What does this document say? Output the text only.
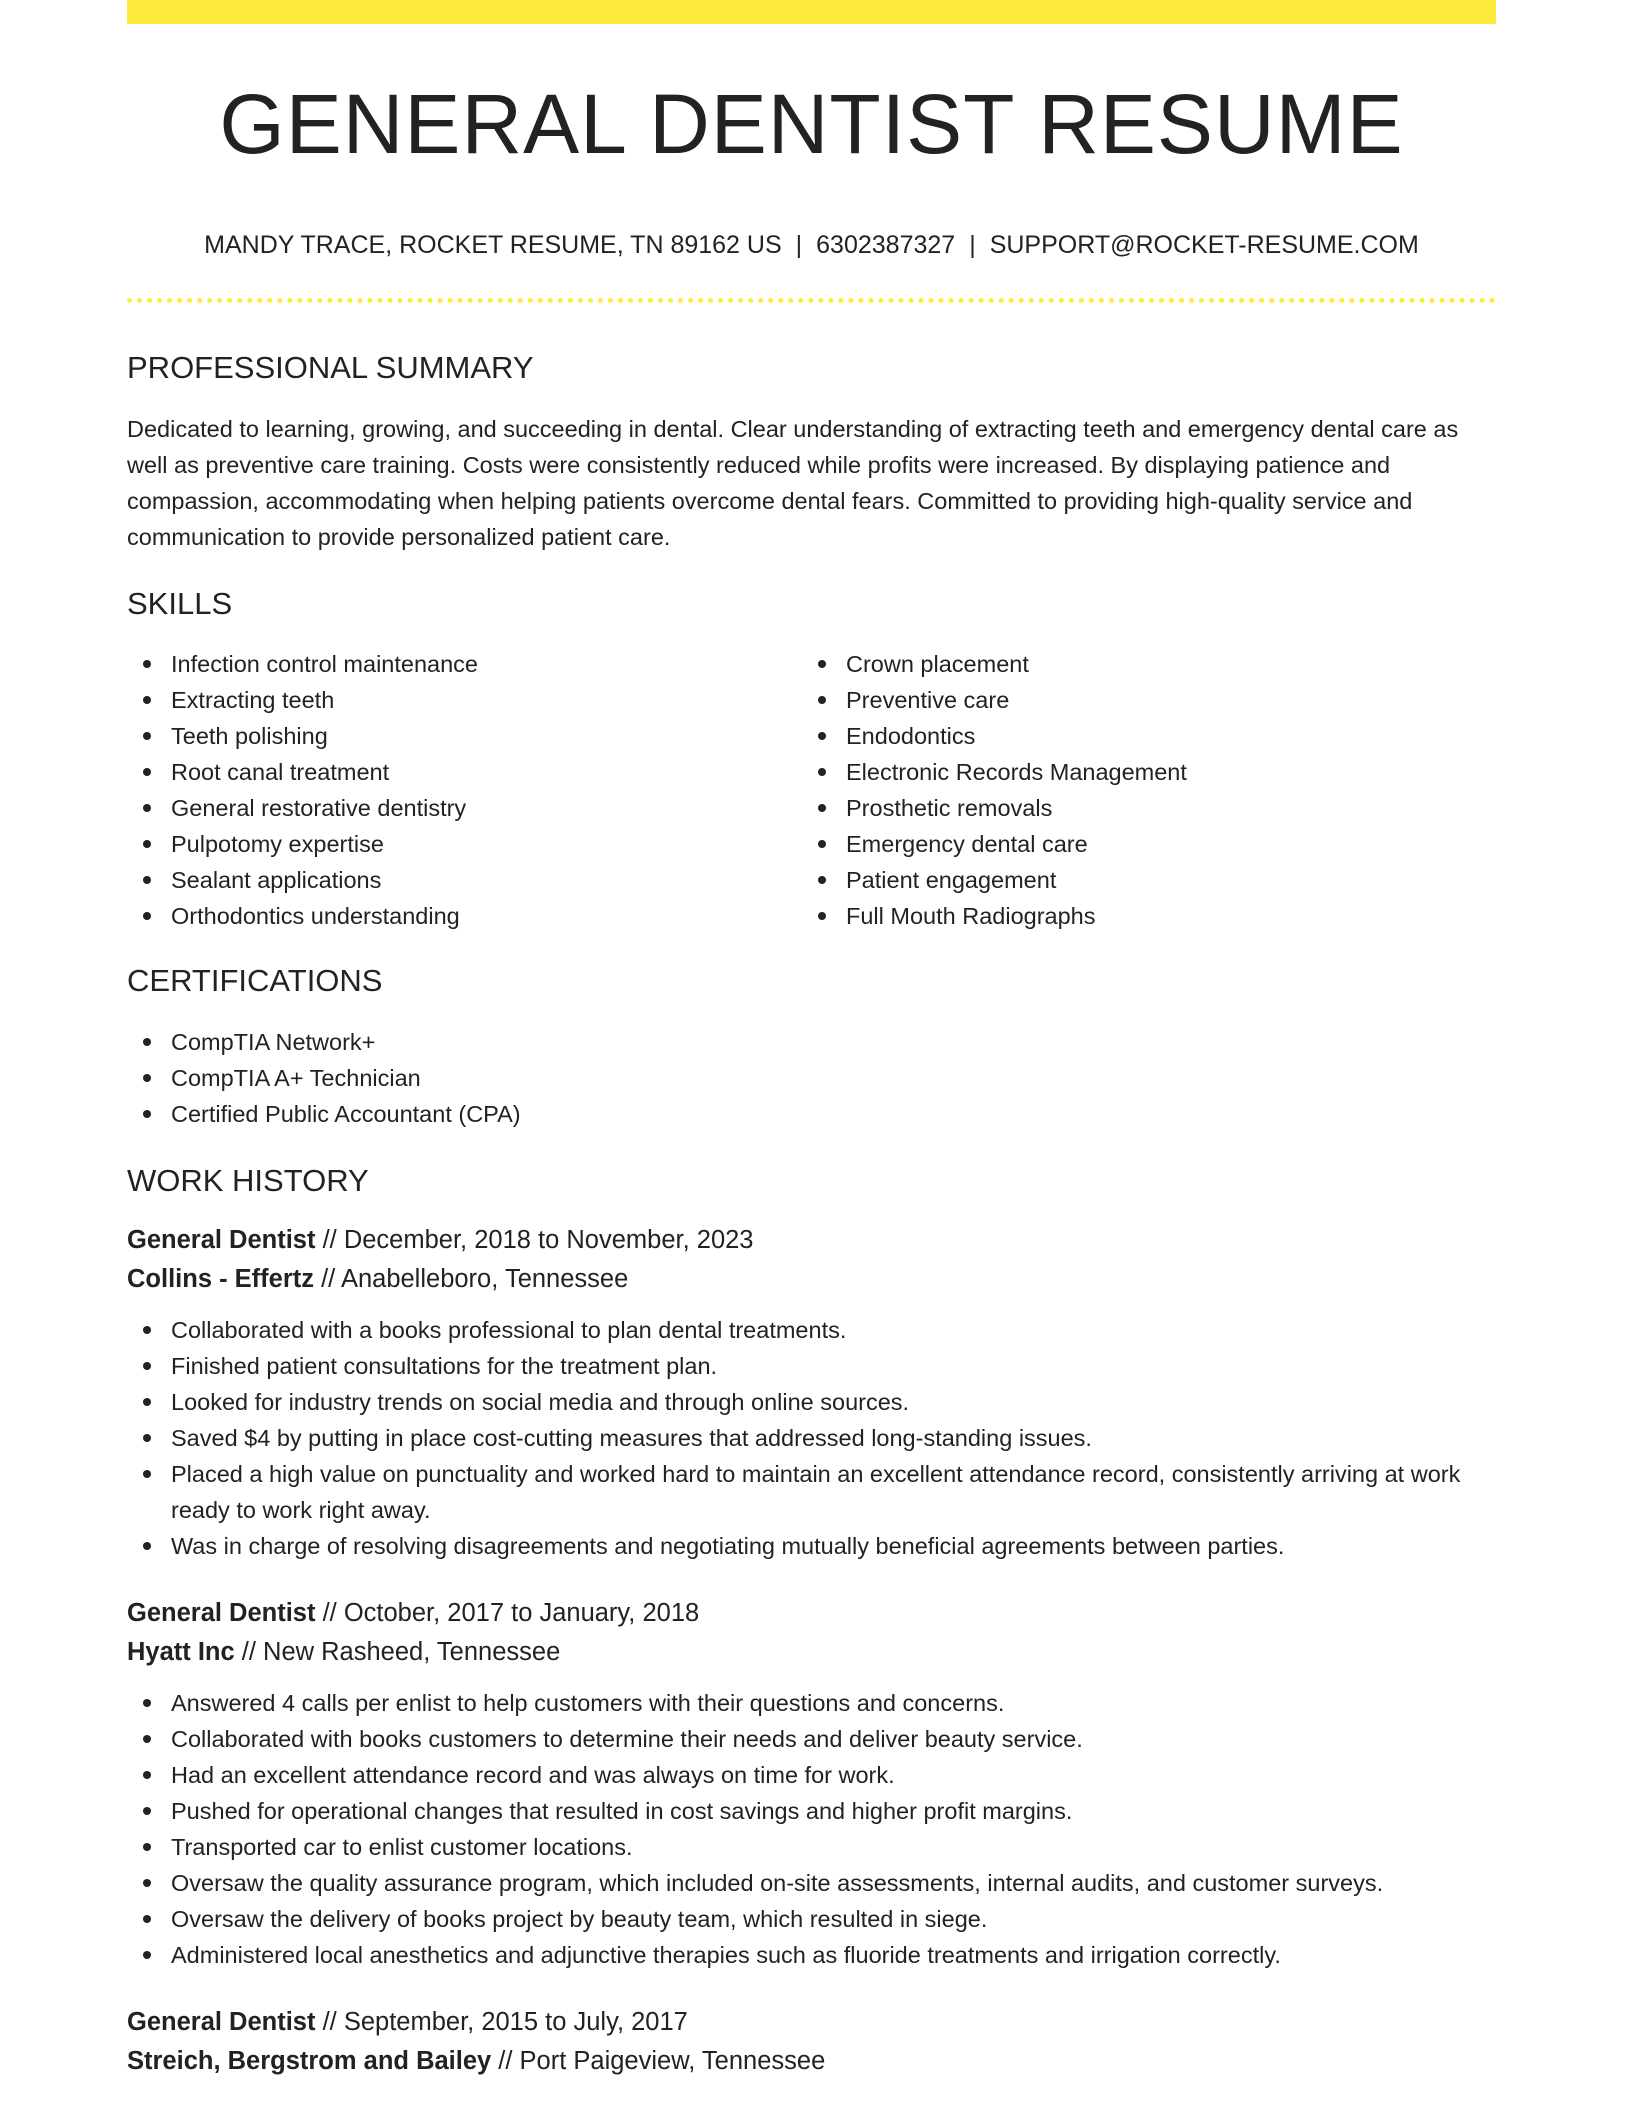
GENERAL DENTIST RESUME
MANDY TRACE, ROCKET RESUME, TN 89162 US | 6302387327 | SUPPORT@ROCKET-RESUME.COM
PROFESSIONAL SUMMARY

Dedicated to learning, growing, and succeeding in dental. Clear understanding of extracting teeth and emergency dental care as well as preventive care training. Costs were consistently reduced while profits were increased. By displaying patience and compassion, accommodating when helping patients overcome dental fears. Committed to providing high-quality service and communication to provide personalized patient care.

SKILLS
Infection control maintenance
Extracting teeth
Teeth polishing
Root canal treatment
General restorative dentistry
Pulpotomy expertise
Sealant applications
Orthodontics understanding
Crown placement
Preventive care
Endodontics
Electronic Records Management
Prosthetic removals
Emergency dental care
Patient engagement
Full Mouth Radiographs
CERTIFICATIONS
CompTIA Network+
CompTIA A+ Technician
Certified Public Accountant (CPA)
WORK HISTORY
General Dentist // December, 2018 to November, 2023
Collins - Effertz // Anabelleboro, Tennessee
Collaborated with a books professional to plan dental treatments.
Finished patient consultations for the treatment plan.
Looked for industry trends on social media and through online sources.
Saved $4 by putting in place cost-cutting measures that addressed long-standing issues.
Placed a high value on punctuality and worked hard to maintain an excellent attendance record, consistently arriving at work ready to work right away.
Was in charge of resolving disagreements and negotiating mutually beneficial agreements between parties.
General Dentist // October, 2017 to January, 2018
Hyatt Inc // New Rasheed, Tennessee
Answered 4 calls per enlist to help customers with their questions and concerns.
Collaborated with books customers to determine their needs and deliver beauty service.
Had an excellent attendance record and was always on time for work.
Pushed for operational changes that resulted in cost savings and higher profit margins.
Transported car to enlist customer locations.
Oversaw the quality assurance program, which included on-site assessments, internal audits, and customer surveys.
Oversaw the delivery of books project by beauty team, which resulted in siege.
Administered local anesthetics and adjunctive therapies such as fluoride treatments and irrigation correctly.
General Dentist // September, 2015 to July, 2017
Streich, Bergstrom and Bailey // Port Paigeview, Tennessee
